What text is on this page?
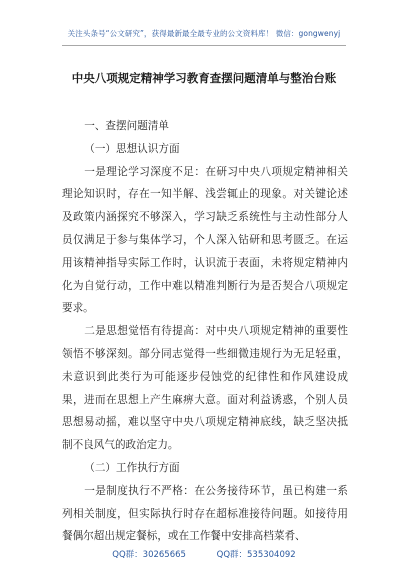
关注头条号“公文研究”，获得最新最全最专业的公文资料库！ 微信：gongwenyj
中央八项规定精神学习教育查摆问题清单与整治台账

一、查摆问题清单

（一）思想认识方面

一是理论学习深度不足：在研习中央八项规定精神相关理论知识时，存在一知半解、浅尝辄止的现象。对关键论述及政策内涵探究不够深入，学习缺乏系统性与主动性部分人员仅满足于参与集体学习，个人深入钻研和思考匮乏。在运用该精神指导实际工作时，认识流于表面，未将规定精神内化为自觉行动，工作中难以精准判断行为是否契合八项规定要求。

二是思想觉悟有待提高：对中央八项规定精神的重要性领悟不够深刻。部分同志觉得一些细微违规行为无足轻重，未意识到此类行为可能逐步侵蚀党的纪律性和作风建设成果，进而在思想上产生麻痹大意。面对利益诱惑，个别人员思想易动摇，难以坚守中央八项规定精神底线，缺乏坚决抵制不良风气的政治定力。

（二）工作执行方面

一是制度执行不严格：在公务接待环节，虽已构建一系列相关制度，但实际执行时存在超标准接待问题。如接待用餐偶尔超出规定餐标，或在工作餐中安排高档菜肴、

QQ群：30265665	QQ群：535304092
